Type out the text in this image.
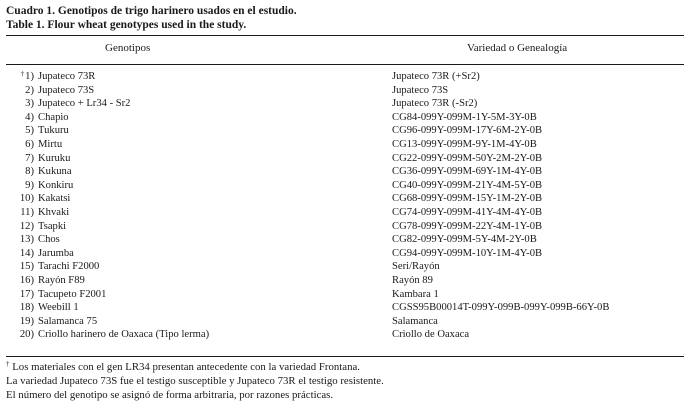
Cuadro 1. Genotipos de trigo harinero usados en el estudio.
Table 1. Flour wheat genotypes used in the study.
Genotipos	Variedad o Genealogía
†1) Jupateco 73R	Jupateco 73R (+Sr2)
2) Jupateco 73S	Jupateco 73S
3) Jupateco + Lr34 - Sr2	Jupateco 73R (-Sr2)
4) Chapio	CG84-099Y-099M-1Y-5M-3Y-0B
5) Tukuru	CG96-099Y-099M-17Y-6M-2Y-0B
6) Mirtu	CG13-099Y-099M-9Y-1M-4Y-0B
7) Kuruku	CG22-099Y-099M-50Y-2M-2Y-0B
8) Kukuna	CG36-099Y-099M-69Y-1M-4Y-0B
9) Konkiru	CG40-099Y-099M-21Y-4M-5Y-0B
10) Kakatsi	CG68-099Y-099M-15Y-1M-2Y-0B
11) Khvaki	CG74-099Y-099M-41Y-4M-4Y-0B
12) Tsapki	CG78-099Y-099M-22Y-4M-1Y-0B
13) Chos	CG82-099Y-099M-5Y-4M-2Y-0B
14) Jarumba	CG94-099Y-099M-10Y-1M-4Y-0B
15) Tarachi F2000	Seri/Rayón
16) Rayón F89	Rayón 89
17) Tacupeto F2001	Kambara 1
18) Weebill 1	CGSS95B00014T-099Y-099B-099Y-099B-66Y-0B
19) Salamanca 75	Salamanca
20) Criollo harinero de Oaxaca (Tipo lerma)	Criollo de Oaxaca
† Los materiales con el gen LR34 presentan antecedente con la variedad Frontana.
La variedad Jupateco 73S fue el testigo susceptible y Jupateco 73R el testigo resistente.
El número del genotipo se asignó de forma arbitraria, por razones prácticas.
